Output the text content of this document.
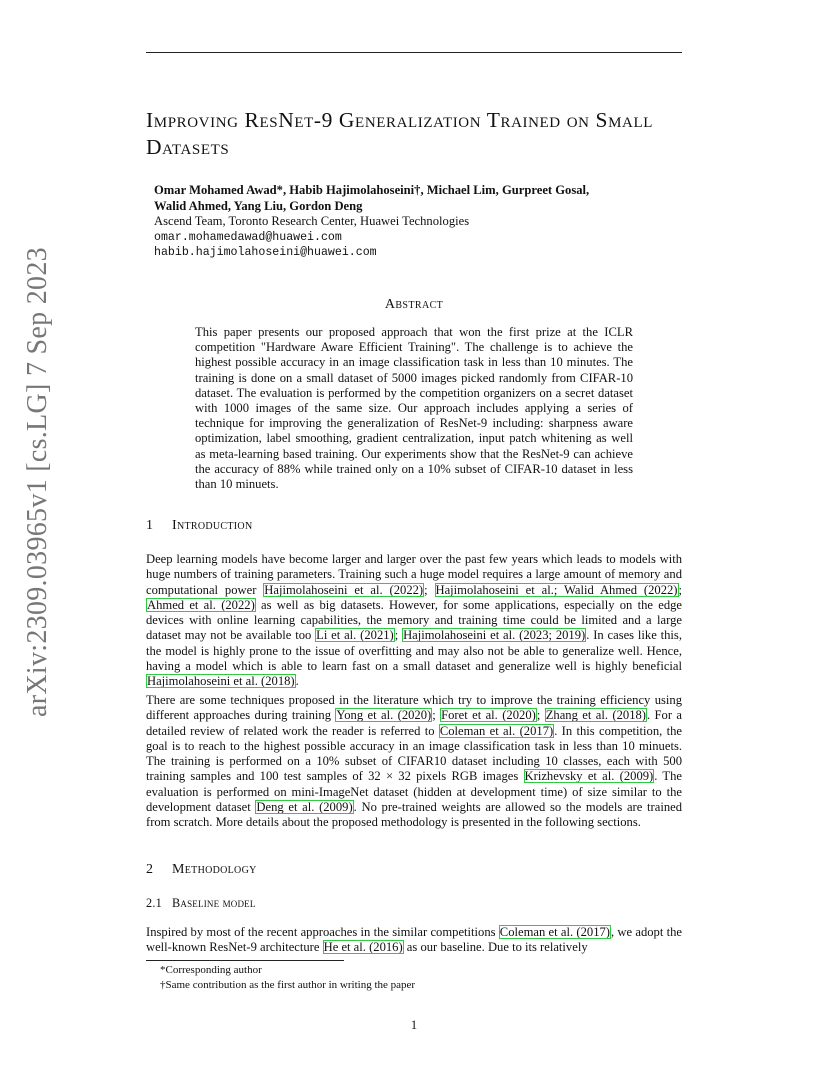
arXiv:2309.03965v1 [cs.LG] 7 Sep 2023
Improving ResNet-9 Generalization Trained on Small Datasets
Omar Mohamed Awad*, Habib Hajimolahoseini†, Michael Lim, Gurpreet Gosal,
Walid Ahmed, Yang Liu, Gordon Deng
Ascend Team, Toronto Research Center, Huawei Technologies
omar.mohamedawad@huawei.com
habib.hajimolahoseini@huawei.com
Abstract
This paper presents our proposed approach that won the first prize at the ICLR competition "Hardware Aware Efficient Training". The challenge is to achieve the highest possible accuracy in an image classification task in less than 10 minutes. The training is done on a small dataset of 5000 images picked randomly from CIFAR-10 dataset. The evaluation is performed by the competition organizers on a secret dataset with 1000 images of the same size. Our approach includes applying a series of technique for improving the generalization of ResNet-9 including: sharpness aware optimization, label smoothing, gradient centralization, input patch whitening as well as meta-learning based training. Our experiments show that the ResNet-9 can achieve the accuracy of 88% while trained only on a 10% subset of CIFAR-10 dataset in less than 10 minuets.
1 Introduction
Deep learning models have become larger and larger over the past few years which leads to models with huge numbers of training parameters. Training such a huge model requires a large amount of memory and computational power Hajimolahoseini et al. (2022); Hajimolahoseini et al.; Walid Ahmed (2022); Ahmed et al. (2022) as well as big datasets. However, for some applications, especially on the edge devices with online learning capabilities, the memory and training time could be limited and a large dataset may not be available too Li et al. (2021); Hajimolahoseini et al. (2023; 2019). In cases like this, the model is highly prone to the issue of overfitting and may also not be able to generalize well. Hence, having a model which is able to learn fast on a small dataset and generalize well is highly beneficial Hajimolahoseini et al. (2018).
There are some techniques proposed in the literature which try to improve the training efficiency using different approaches during training Yong et al. (2020); Foret et al. (2020); Zhang et al. (2018). For a detailed review of related work the reader is referred to Coleman et al. (2017). In this competition, the goal is to reach to the highest possible accuracy in an image classification task in less than 10 minuets. The training is performed on a 10% subset of CIFAR10 dataset including 10 classes, each with 500 training samples and 100 test samples of 32 × 32 pixels RGB images Krizhevsky et al. (2009). The evaluation is performed on mini-ImageNet dataset (hidden at development time) of size similar to the development dataset Deng et al. (2009). No pre-trained weights are allowed so the models are trained from scratch. More details about the proposed methodology is presented in the following sections.
2 Methodology
2.1 Baseline model
Inspired by most of the recent approaches in the similar competitions Coleman et al. (2017), we adopt the well-known ResNet-9 architecture He et al. (2016) as our baseline. Due to its relatively
*Corresponding author
†Same contribution as the first author in writing the paper
1
